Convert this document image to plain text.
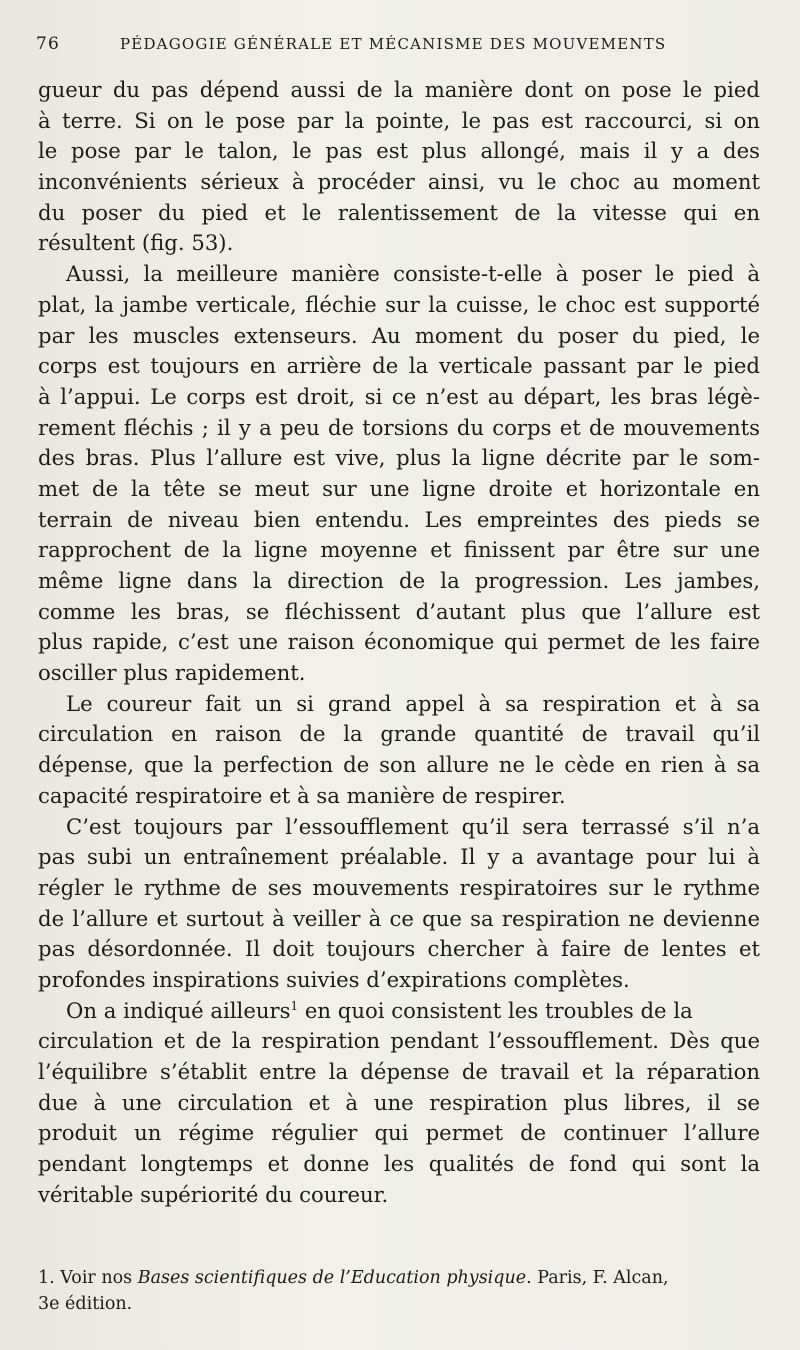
76	PÉDAGOGIE GÉNÉRALE ET MÉCANISME DES MOUVEMENTS
gueur du pas dépend aussi de la manière dont on pose le pied
à terre. Si on le pose par la pointe, le pas est raccourci, si on
le pose par le talon, le pas est plus allongé, mais il y a des
inconvénients sérieux à procéder ainsi, vu le choc au moment
du poser du pied et le ralentissement de la vitesse qui en
résultent (fig. 53).
Aussi, la meilleure manière consiste-t-elle à poser le pied à
plat, la jambe verticale, fléchie sur la cuisse, le choc est supporté
par les muscles extenseurs. Au moment du poser du pied, le
corps est toujours en arrière de la verticale passant par le pied
à l’appui. Le corps est droit, si ce n’est au départ, les bras légè-
rement fléchis ; il y a peu de torsions du corps et de mouvements
des bras. Plus l’allure est vive, plus la ligne décrite par le som-
met de la tête se meut sur une ligne droite et horizontale en
terrain de niveau bien entendu. Les empreintes des pieds se
rapprochent de la ligne moyenne et finissent par être sur une
même ligne dans la direction de la progression. Les jambes,
comme les bras, se fléchissent d’autant plus que l’allure est
plus rapide, c’est une raison économique qui permet de les faire
osciller plus rapidement.
Le coureur fait un si grand appel à sa respiration et à sa
circulation en raison de la grande quantité de travail qu’il
dépense, que la perfection de son allure ne le cède en rien à sa
capacité respiratoire et à sa manière de respirer.
C’est toujours par l’essoufflement qu’il sera terrassé s’il n’a
pas subi un entraînement préalable. Il y a avantage pour lui à
régler le rythme de ses mouvements respiratoires sur le rythme
de l’allure et surtout à veiller à ce que sa respiration ne devienne
pas désordonnée. Il doit toujours chercher à faire de lentes et
profondes inspirations suivies d’expirations complètes.
On a indiqué ailleurs$^1$ en quoi consistent les troubles de la
circulation et de la respiration pendant l’essoufflement. Dès que
l’équilibre s’établit entre la dépense de travail et la réparation
due à une circulation et à une respiration plus libres, il se
produit un régime régulier qui permet de continuer l’allure
pendant longtemps et donne les qualités de fond qui sont la
véritable supériorité du coureur.
1. Voir nos Bases scientifiques de l’Education physique. Paris, F. Alcan,
3e édition.
